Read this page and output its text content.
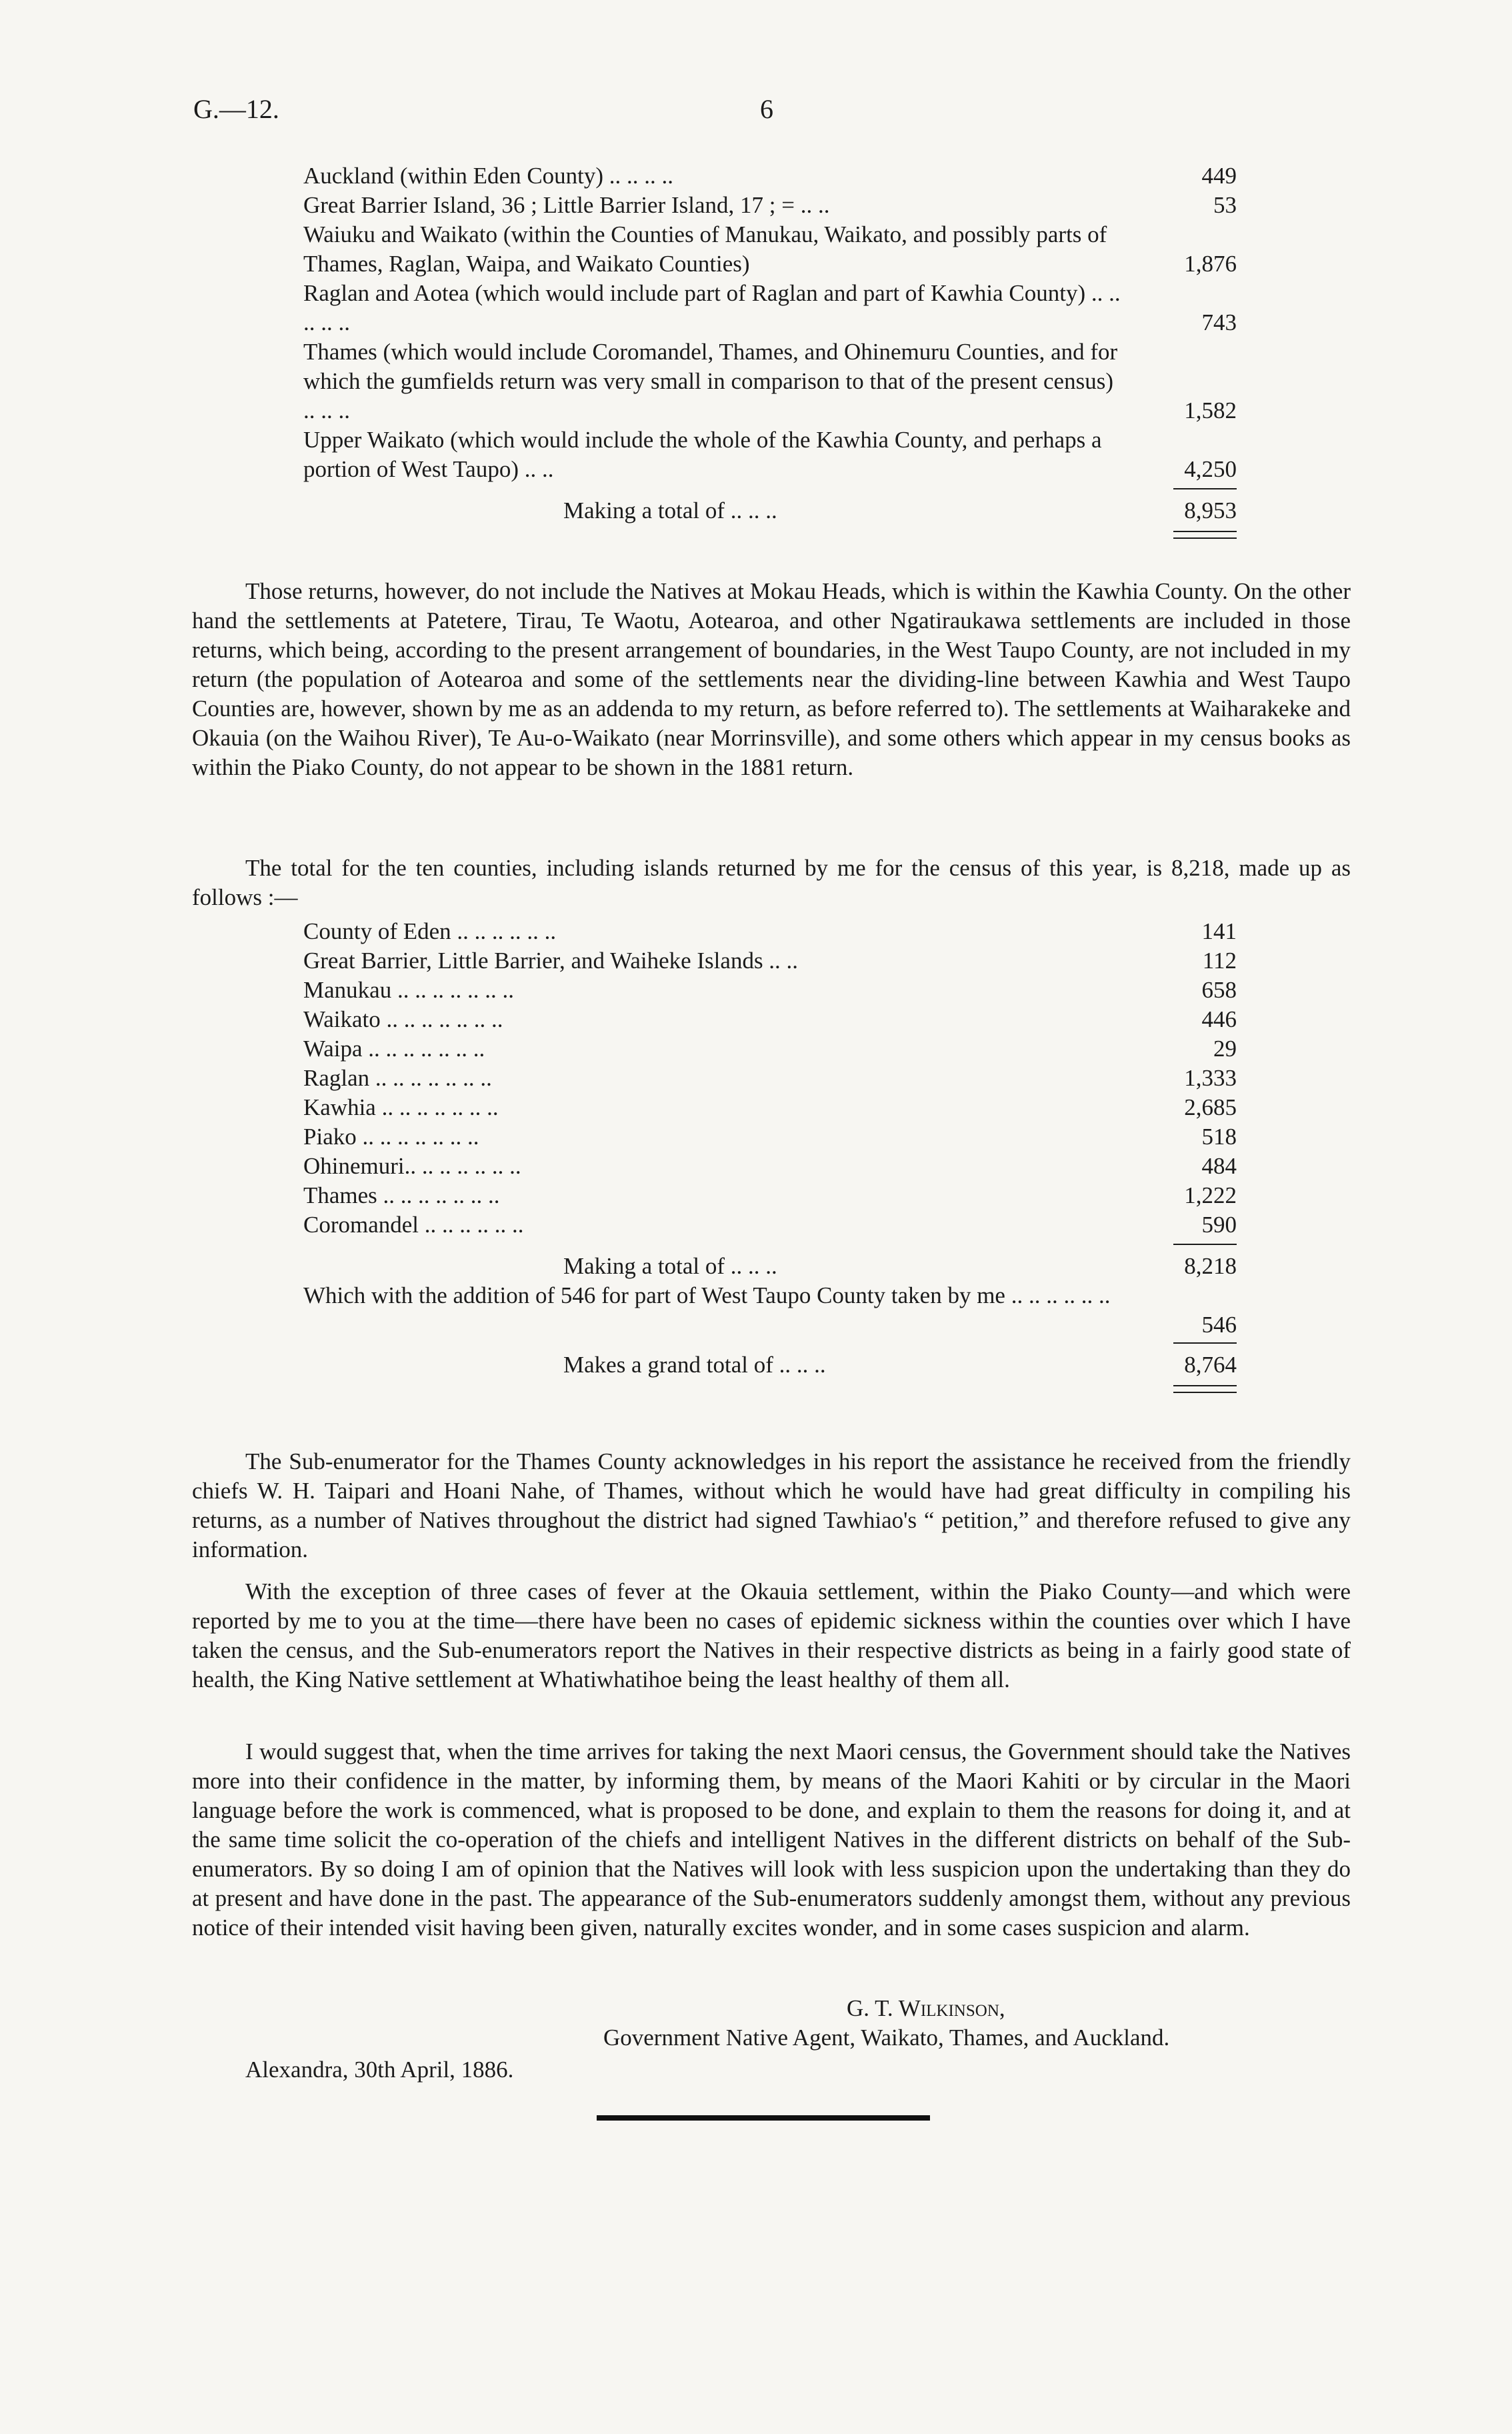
G.—12.	6
Auckland (within Eden County) .. .. .. ..	449
Great Barrier Island, 36 ; Little Barrier Island, 17 ; = .. ..	53
Waiuku and Waikato (within the Counties of Manukau, Waikato, and possibly parts of Thames, Raglan, Waipa, and Waikato Counties)	1,876
Raglan and Aotea (which would include part of Raglan and part of Kawhia County) .. .. .. .. ..	743
Thames (which would include Coromandel, Thames, and Ohinemuru Counties, and for which the gumfields return was very small in comparison to that of the present census) .. .. ..	1,582
Upper Waikato (which would include the whole of the Kawhia County, and perhaps a portion of West Taupo) .. ..	4,250
Making a total of .. .. ..	8,953

Those returns, however, do not include the Natives at Mokau Heads, which is within the Kawhia County. On the other hand the settlements at Patetere, Tirau, Te Waotu, Aotearoa, and other Ngatiraukawa settlements are included in those returns, which being, according to the present arrangement of boundaries, in the West Taupo County, are not included in my return (the population of Aotearoa and some of the settlements near the dividing-line between Kawhia and West Taupo Counties are, however, shown by me as an addenda to my return, as before referred to). The settlements at Waiharakeke and Okauia (on the Waihou River), Te Au-o-Waikato (near Morrinsville), and some others which appear in my census books as within the Piako County, do not appear to be shown in the 1881 return.

The total for the ten counties, including islands returned by me for the census of this year, is 8,218, made up as follows :—

County of Eden .. .. .. .. .. ..	141
Great Barrier, Little Barrier, and Waiheke Islands .. ..	112
Manukau .. .. .. .. .. .. ..	658
Waikato .. .. .. .. .. .. ..	446
Waipa .. .. .. .. .. .. ..	29
Raglan .. .. .. .. .. .. ..	1,333
Kawhia .. .. .. .. .. .. ..	2,685
Piako .. .. .. .. .. .. ..	518
Ohinemuri.. .. .. .. .. .. ..	484
Thames .. .. .. .. .. .. ..	1,222
Coromandel .. .. .. .. .. ..	590
Making a total of .. .. ..	8,218
Which with the addition of 546 for part of West Taupo County taken by me .. .. .. .. .. ..
546
Makes a grand total of .. .. ..	8,764

The Sub-enumerator for the Thames County acknowledges in his report the assistance he received from the friendly chiefs W. H. Taipari and Hoani Nahe, of Thames, without which he would have had great difficulty in compiling his returns, as a number of Natives throughout the district had signed Tawhiao's “ petition,” and therefore refused to give any information.

With the exception of three cases of fever at the Okauia settlement, within the Piako County—and which were reported by me to you at the time—there have been no cases of epidemic sickness within the counties over which I have taken the census, and the Sub-enumerators report the Natives in their respective districts as being in a fairly good state of health, the King Native settlement at Whatiwhatihoe being the least healthy of them all.

I would suggest that, when the time arrives for taking the next Maori census, the Government should take the Natives more into their confidence in the matter, by informing them, by means of the Maori Kahiti or by circular in the Maori language before the work is commenced, what is proposed to be done, and explain to them the reasons for doing it, and at the same time solicit the co-operation of the chiefs and intelligent Natives in the different districts on behalf of the Sub-enumerators. By so doing I am of opinion that the Natives will look with less suspicion upon the undertaking than they do at present and have done in the past. The appearance of the Sub-enumerators suddenly amongst them, without any previous notice of their intended visit having been given, naturally excites wonder, and in some cases suspicion and alarm.

G. T. Wilkinson,
Government Native Agent, Waikato, Thames, and Auckland.
Alexandra, 30th April, 1886.
